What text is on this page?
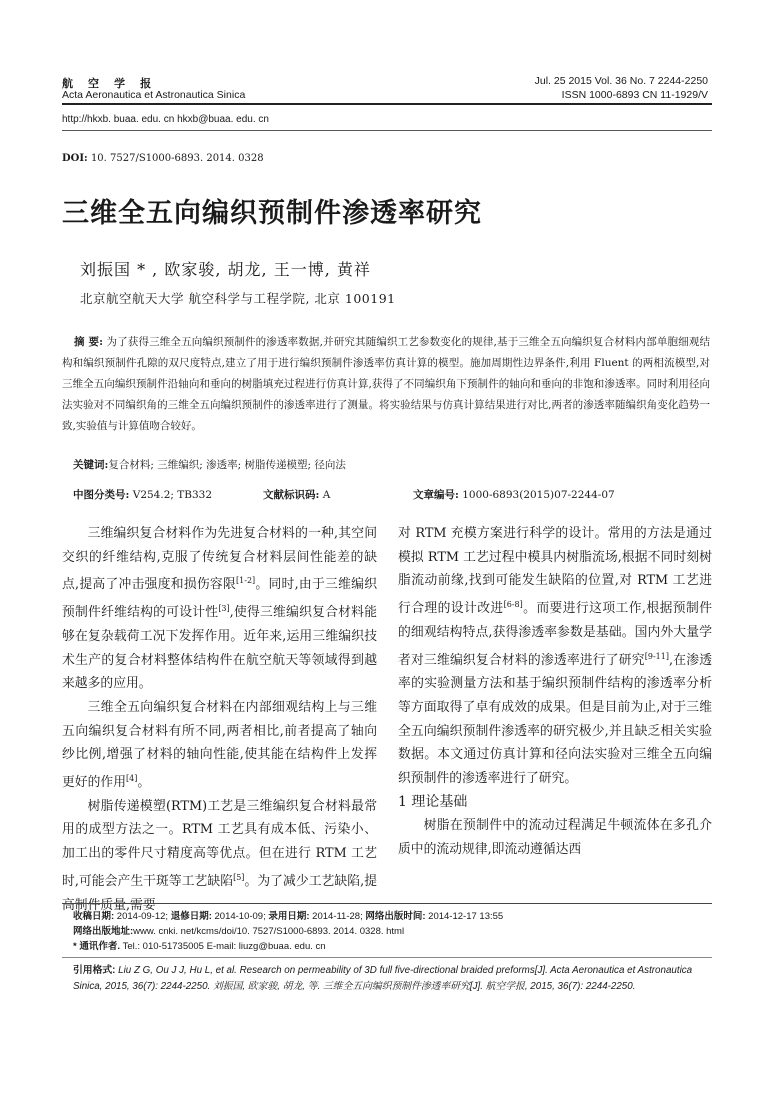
航 空 学 报
Acta Aeronautica et Astronautica Sinica
Jul. 25 2015 Vol. 36 No. 7 2244-2250
ISSN 1000-6893 CN 11-1929/V
http://hkxb. buaa. edu. cn hkxb@buaa. edu. cn
DOI: 10. 7527/S1000-6893. 2014. 0328
三维全五向编织预制件渗透率研究
刘振国 * , 欧家骏, 胡龙, 王一博, 黄祥
北京航空航天大学 航空科学与工程学院, 北京 100191
摘 要: 为了获得三维全五向编织预制件的渗透率数据,并研究其随编织工艺参数变化的规律,基于三维全五向编织复合材料内部单胞细观结构和编织预制件孔隙的双尺度特点,建立了用于进行编织预制件渗透率仿真计算的模型。施加周期性边界条件,利用 Fluent 的两相流模型,对三维全五向编织预制件沿轴向和垂向的树脂填充过程进行仿真计算,获得了不同编织角下预制件的轴向和垂向的非饱和渗透率。同时利用径向法实验对不同编织角的三维全五向编织预制件的渗透率进行了测量。将实验结果与仿真计算结果进行对比,两者的渗透率随编织角变化趋势一致,实验值与计算值吻合较好。
关键词:复合材料; 三维编织; 渗透率; 树脂传递模塑; 径向法
中图分类号: V254.2; TB332	文献标识码: A	文章编号: 1000-6893(2015)07-2244-07

三维编织复合材料作为先进复合材料的一种,其空间交织的纤维结构,克服了传统复合材料层间性能差的缺点,提高了冲击强度和损伤容限[1-2]。同时,由于三维编织预制件纤维结构的可设计性[3],使得三维编织复合材料能够在复杂载荷工况下发挥作用。近年来,运用三维编织技术生产的复合材料整体结构件在航空航天等领域得到越来越多的应用。

三维全五向编织复合材料在内部细观结构上与三维五向编织复合材料有所不同,两者相比,前者提高了轴向纱比例,增强了材料的轴向性能,使其能在结构件上发挥更好的作用[4]。

树脂传递模塑(RTM)工艺是三维编织复合材料最常用的成型方法之一。RTM 工艺具有成本低、污染小、加工出的零件尺寸精度高等优点。但在进行 RTM 工艺时,可能会产生干斑等工艺缺陷[5]。为了减少工艺缺陷,提高制件质量,需要

对 RTM 充模方案进行科学的设计。常用的方法是通过模拟 RTM 工艺过程中模具内树脂流场,根据不同时刻树脂流动前缘,找到可能发生缺陷的位置,对 RTM 工艺进行合理的设计改进[6-8]。而要进行这项工作,根据预制件的细观结构特点,获得渗透率参数是基础。国内外大量学者对三维编织复合材料的渗透率进行了研究[9-11],在渗透率的实验测量方法和基于编织预制件结构的渗透率分析等方面取得了卓有成效的成果。但是目前为止,对于三维全五向编织预制件渗透率的研究极少,并且缺乏相关实验数据。本文通过仿真计算和径向法实验对三维全五向编织预制件的渗透率进行了研究。

1 理论基础

树脂在预制件中的流动过程满足牛顿流体在多孔介质中的流动规律,即流动遵循达西

收稿日期: 2014-09-12; 退修日期: 2014-10-09; 录用日期: 2014-11-28; 网络出版时间: 2014-12-17 13:55
网络出版地址:www. cnki. net/kcms/doi/10. 7527/S1000-6893. 2014. 0328. html
* 通讯作者. Tel.: 010-51735005 E-mail: liuzg@buaa. edu. cn
引用格式: Liu Z G, Ou J J, Hu L, et al. Research on permeability of 3D full five-directional braided preforms[J]. Acta Aeronautica et Astronautica Sinica, 2015, 36(7): 2244-2250. 刘振国, 欧家骏, 胡龙, 等. 三维全五向编织预制件渗透率研究[J]. 航空学报, 2015, 36(7): 2244-2250.
